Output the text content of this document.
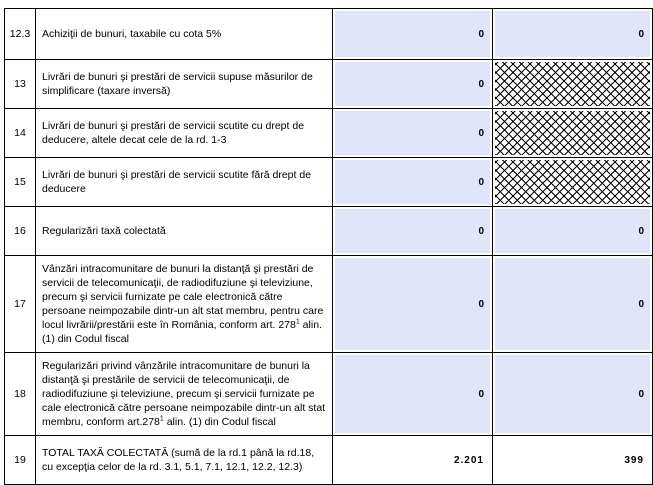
12.3	Achiziţii de bunuri, taxabile cu cota 5%	0	0

13	Livrări de bunuri şi prestări de servicii supuse măsurilor de simplificare (taxare inversă)	0	

14	Livrări de bunuri şi prestări de servicii scutite cu drept de deducere, altele decat cele de la rd. 1-3	0	

15	Livrări de bunuri şi prestări de servicii scutite fără drept de deducere	0	

16	Regularizări taxă colectată	0	0

17	Vânzări intracomunitare de bunuri la distanţă şi prestări de servicii de telecomunicaţii, de radiodifuziune şi televiziune, precum şi servicii furnizate pe cale electronică către persoane neimpozabile dintr-un alt stat membru, pentru care locul livrării/prestării este în România, conform art. $278^1$ alin. (1) din Codul fiscal	0	0

18	Regularizări privind vânzările intracomunitare de bunuri la distanţă şi prestările de servicii de telecomunicaţii, de radiodifuziune şi televiziune, precum şi servicii furnizate pe cale electronică către persoane neimpozabile dintr-un alt stat membru, conform art.278$^1$ alin. (1) din Codul fiscal	0	0

19	TOTAL TAXĂ COLECTATĂ (sumă de la rd.1 până la rd.18, cu excepţia celor de la rd. 3.1, 5.1, 7.1, 12.1, 12.2, 12.3)	2.201	399
